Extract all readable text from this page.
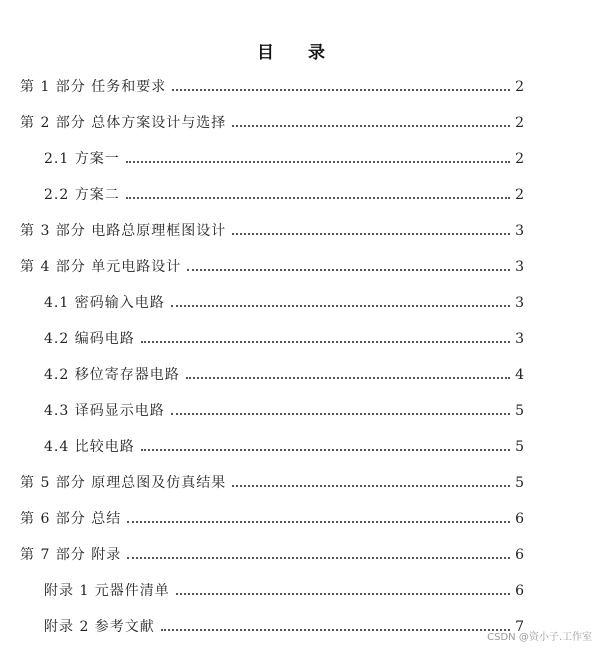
目 录
第 1 部分 任务和要求	2
第 2 部分 总体方案设计与选择	2
2.1 方案一	2
2.2 方案二	2
第 3 部分 电路总原理框图设计	3
第 4 部分 单元电路设计	3
4.1 密码输入电路	3
4.2 编码电路	3
4.2 移位寄存器电路	4
4.3 译码显示电路	5
4.4 比较电路	5
第 5 部分 原理总图及仿真结果	5
第 6 部分 总结	6
第 7 部分 附录	6
附录 1 元器件清单	6
附录 2 参考文献	7
CSDN @资小子.工作室
